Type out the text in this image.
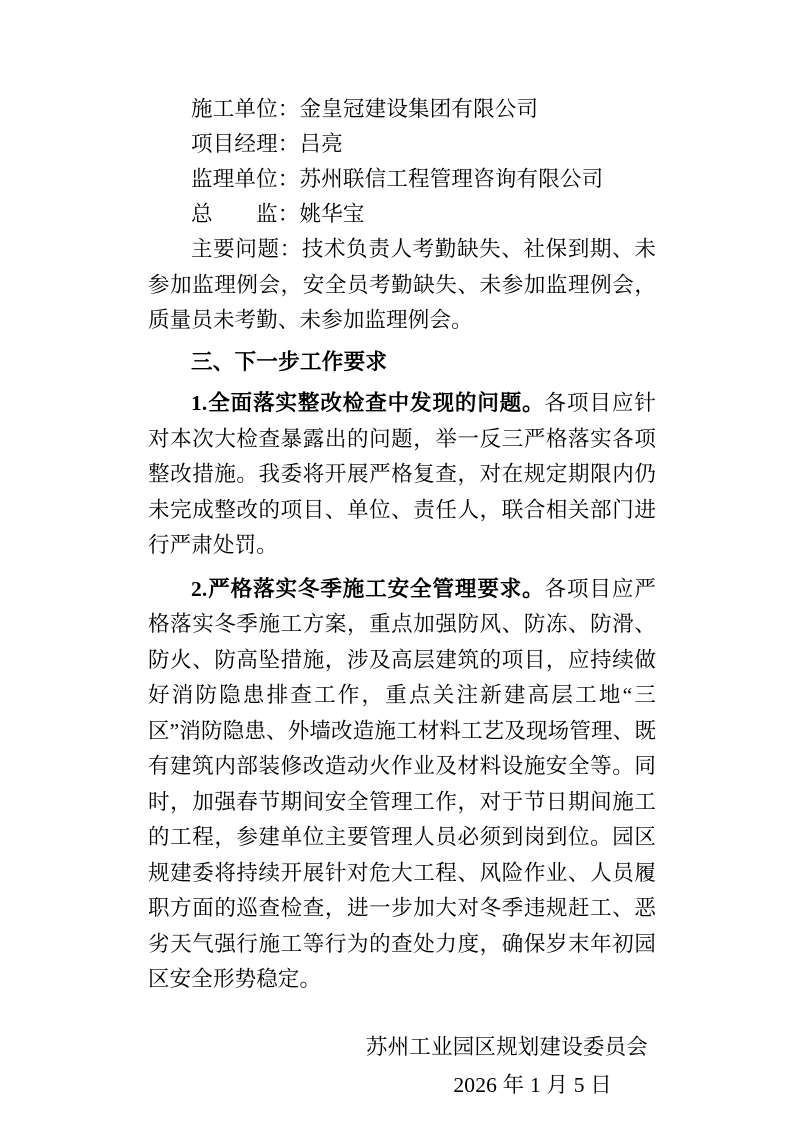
施工单位：金皇冠建设集团有限公司
项目经理：吕亮
监理单位：苏州联信工程管理咨询有限公司
总　　监：姚华宝

主要问题：技术负责人考勤缺失、社保到期、未参加监理例会，安全员考勤缺失、未参加监理例会，质量员未考勤、未参加监理例会。

三、下一步工作要求

1.全面落实整改检查中发现的问题。各项目应针对本次大检查暴露出的问题，举一反三严格落实各项整改措施。我委将开展严格复查，对在规定期限内仍未完成整改的项目、单位、责任人，联合相关部门进行严肃处罚。

2.严格落实冬季施工安全管理要求。各项目应严格落实冬季施工方案，重点加强防风、防冻、防滑、防火、防高坠措施，涉及高层建筑的项目，应持续做好消防隐患排查工作，重点关注新建高层工地“三区”消防隐患、外墙改造施工材料工艺及现场管理、既有建筑内部装修改造动火作业及材料设施安全等。同时，加强春节期间安全管理工作，对于节日期间施工的工程，参建单位主要管理人员必须到岗到位。园区规建委将持续开展针对危大工程、风险作业、人员履职方面的巡查检查，进一步加大对冬季违规赶工、恶劣天气强行施工等行为的查处力度，确保岁末年初园区安全形势稳定。

苏州工业园区规划建设委员会
2026 年 1 月 5 日
